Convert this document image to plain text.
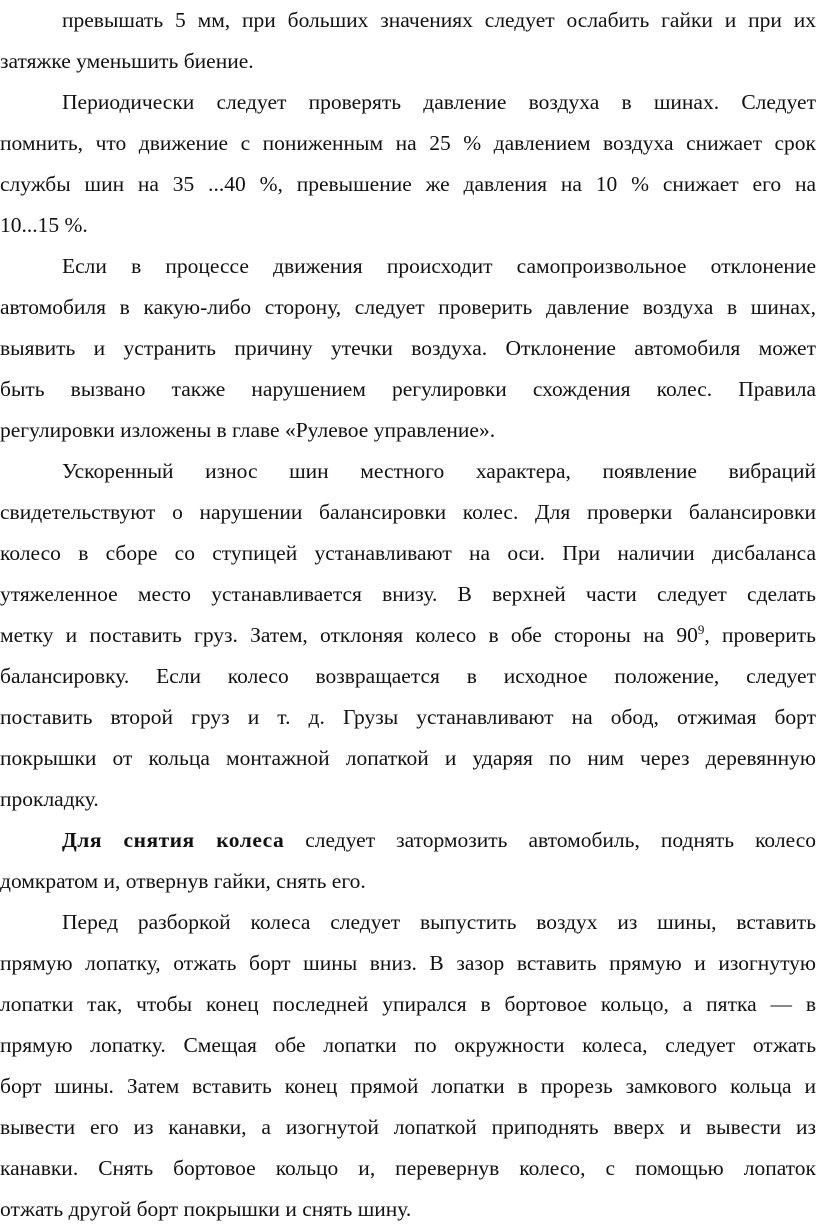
превышать 5 мм, при больших значениях следует ослабить гайки и при их
затяжке уменьшить биение.
Периодически следует проверять давление воздуха в шинах. Следует
помнить, что движение с пониженным на 25 % давлением воздуха снижает срок
службы шин на 35 ...40 %, превышение же давления на 10 % снижает его на
10...15 %.
Если в процессе движения происходит самопроизвольное отклонение
автомобиля в какую-либо сторону, следует проверить давление воздуха в шинах,
выявить и устранить причину утечки воздуха. Отклонение автомобиля может
быть вызвано также нарушением регулировки схождения колес. Правила
регулировки изложены в главе «Рулевое управление».
Ускоренный износ шин местного характера, появление вибраций
свидетельствуют о нарушении балансировки колес. Для проверки балансировки
колесо в сборе со ступицей устанавливают на оси. При наличии дисбаланса
утяжеленное место устанавливается внизу. В верхней части следует сделать
метку и поставить груз. Затем, отклоняя колесо в обе стороны на $90^9$, проверить
балансировку. Если колесо возвращается в исходное положение, следует
поставить второй груз и т. д. Грузы устанавливают на обод, отжимая борт
покрышки от кольца монтажной лопаткой и ударяя по ним через деревянную
прокладку.
Для снятия колеса следует затормозить автомобиль, поднять колесо
домкратом и, отвернув гайки, снять его.
Перед разборкой колеса следует выпустить воздух из шины, вставить
прямую лопатку, отжать борт шины вниз. В зазор вставить прямую и изогнутую
лопатки так, чтобы конец последней упирался в бортовое кольцо, а пятка — в
прямую лопатку. Смещая обе лопатки по окружности колеса, следует отжать
борт шины. Затем вставить конец прямой лопатки в прорезь замкового кольца и
вывести его из канавки, а изогнутой лопаткой приподнять вверх и вывести из
канавки. Снять бортовое кольцо и, перевернув колесо, с помощью лопаток
отжать другой борт покрышки и снять шину.
